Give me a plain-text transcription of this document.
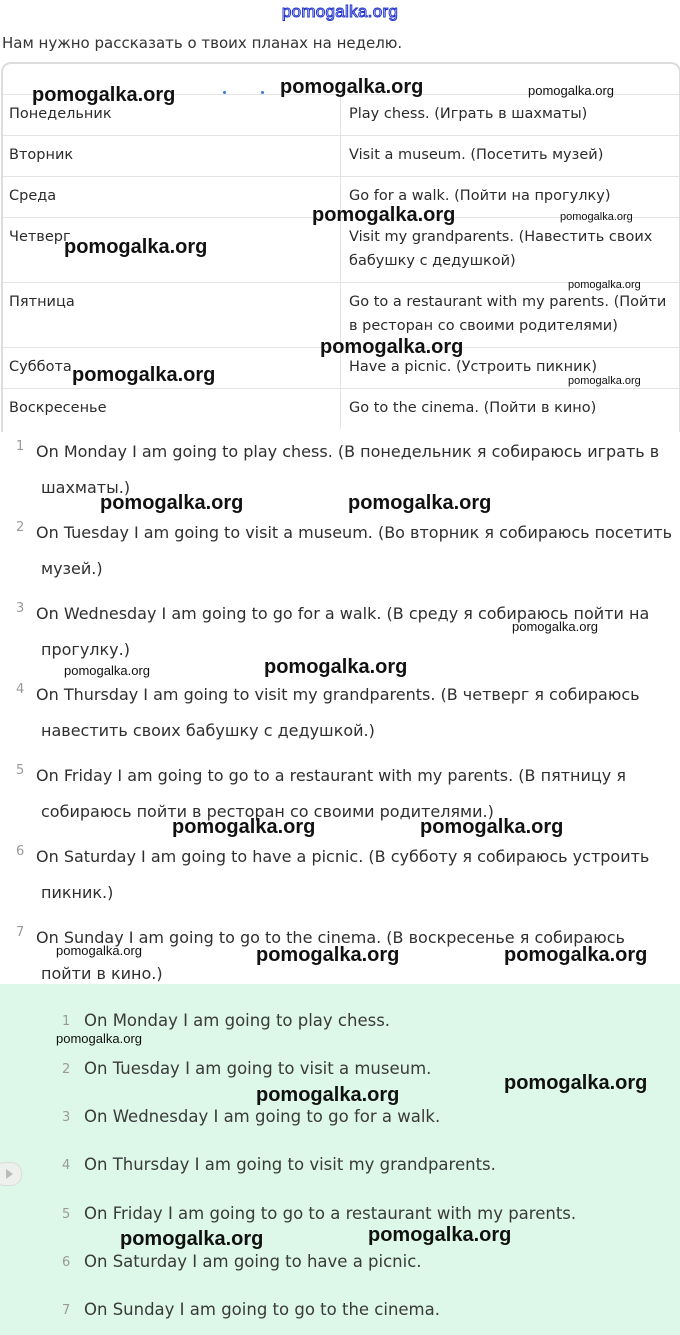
pomogalka.org
Нам нужно рассказать о твоих планах на неделю.
Понедельник	Play chess. (Играть в шахматы)
Вторник	Visit a museum. (Посетить музей)
Среда	Go for a walk. (Пойти на прогулку)
Четверг	Visit my grandparents. (Навестить своих бабушку с дедушкой)
Пятница	Go to a restaurant with my parents. (Пойти в ресторан со своими родителями)
Суббота	Have a picnic. (Устроить пикник)
Воскресенье	Go to the cinema. (Пойти в кино)
1 On Monday I am going to play chess. (В понедельник я собираюсь играть в
шахматы.)
2 On Tuesday I am going to visit a museum. (Во вторник я собираюсь посетить
музей.)
3 On Wednesday I am going to go for a walk. (В среду я собираюсь пойти на
прогулку.)
4 On Thursday I am going to visit my grandparents. (В четверг я собираюсь
навестить своих бабушку с дедушкой.)
5 On Friday I am going to go to a restaurant with my parents. (В пятницу я
собираюсь пойти в ресторан со своими родителями.)
6 On Saturday I am going to have a picnic. (В субботу я собираюсь устроить
пикник.)
7 On Sunday I am going to go to the cinema. (В воскресенье я собираюсь
пойти в кино.)
1 On Monday I am going to play chess.
2 On Tuesday I am going to visit a museum.
3 On Wednesday I am going to go for a walk.
4 On Thursday I am going to visit my grandparents.
5 On Friday I am going to go to a restaurant with my parents.
6 On Saturday I am going to have a picnic.
7 On Sunday I am going to go to the cinema.
pomogalka.org	pomogalka.org	pomogalka.org
pomogalka.org	pomogalka.org
pomogalka.org
pomogalka.org
pomogalka.org
pomogalka.org	pomogalka.org
pomogalka.org	pomogalka.org
pomogalka.org
pomogalka.org	pomogalka.org
pomogalka.org	pomogalka.org
pomogalka.org	pomogalka.org	pomogalka.org
pomogalka.org
pomogalka.org
pomogalka.org
pomogalka.org	pomogalka.org
